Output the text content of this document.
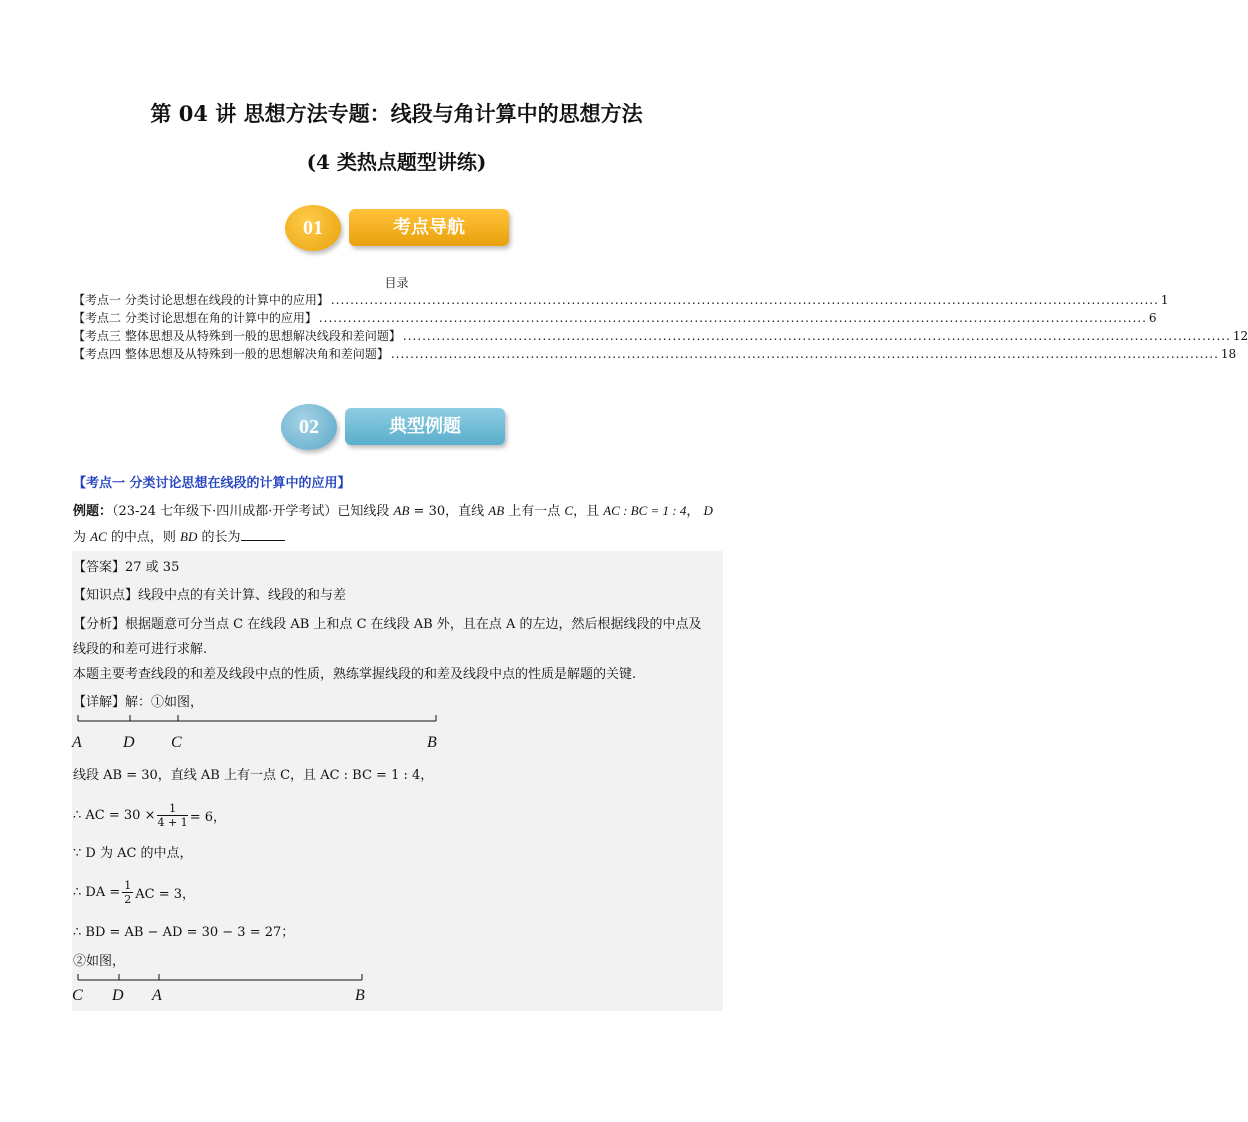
第 04 讲 思想方法专题：线段与角计算中的思想方法
(4 类热点题型讲练)
01	考点导航
目录
【考点一 分类讨论思想在线段的计算中的应用】 ............................................................................................................................................................................ 1
【考点二 分类讨论思想在角的计算中的应用】 ............................................................................................................................................................................ 6
【考点三 整体思想及从特殊到一般的思想解决线段和差问题】 ............................................................................................................................................................................ 12
【考点四 整体思想及从特殊到一般的思想解决角和差问题】 ............................................................................................................................................................................ 18
02	典型例题
【考点一 分类讨论思想在线段的计算中的应用】
例题：（23-24 七年级下·四川成都·开学考试）已知线段 AB = 30，直线 AB 上有一点 C，且 AC : BC = 1 : 4， D
为 AC 的中点，则 BD 的长为
【答案】27 或 35
【知识点】线段中点的有关计算、线段的和与差
【分析】根据题意可分当点 C 在线段 AB 上和点 C 在线段 AB 外，且在点 A 的左边，然后根据线段的中点及
线段的和差可进行求解.
本题主要考查线段的和差及线段中点的性质，熟练掌握线段的和差及线段中点的性质是解题的关键.
【详解】解：①如图，
A	D C	B
线段 AB = 30，直线 AB 上有一点 C，且 AC : BC = 1 : 4，
∴ AC = $30 \times \frac{1}{4 + 1} = 6$，
∵ D 为 AC 的中点，
∴ DA = $\frac{1}{2}$ AC = 3，
∴ BD = AB − AD = 30 − 3 = 27；
②如图，
C D A	B
